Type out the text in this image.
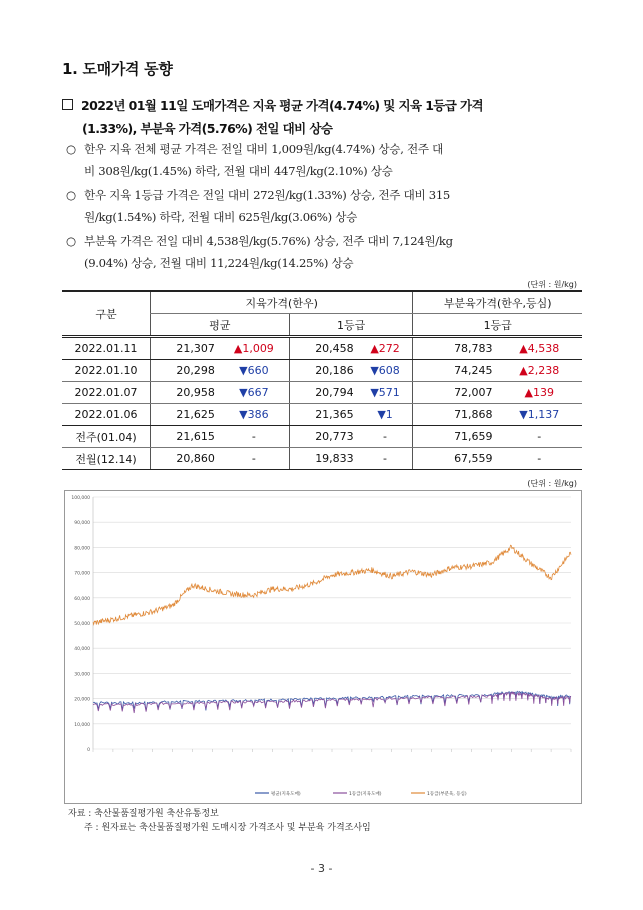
1. 도매가격 동향
2022년 01월 11일 도매가격은 지육 평균 가격(4.74%) 및 지육 1등급 가격
(1.33%), 부분육 가격(5.76%) 전일 대비 상승
○ 한우 지육 전체 평균 가격은 전일 대비 1,009원/kg(4.74%) 상승, 전주 대
비 308원/kg(1.45%) 하락, 전월 대비 447원/kg(2.10%) 상승
○ 한우 지육 1등급 가격은 전일 대비 272원/kg(1.33%) 상승, 전주 대비 315
원/kg(1.54%) 하락, 전월 대비 625원/kg(3.06%) 상승
○ 부분육 가격은 전일 대비 4,538원/kg(5.76%) 상승, 전주 대비 7,124원/kg
(9.04%) 상승, 전월 대비 11,224원/kg(14.25%) 상승
(단위 : 원/kg)
구분	지육가격(한우)				부분육가격(한우,등심)	
	평균		1등급		1등급	
2022.01.11	21,307	▲1,009	20,458	▲272	78,783	▲4,538
2022.01.10	20,298	▼660	20,186	▼608	74,245	▲2,238
2022.01.07	20,958	▼667	20,794	▼571	72,007	▲139
2022.01.06	21,625	▼386	21,365	▼1	71,868	▼1,137
전주(01.04)	21,615	-	20,773	-	71,659	-
전월(12.14)	20,860	-	19,833	-	67,559	-
(단위 : 원/kg)
0
10,000
20,000
30,000
40,000
50,000
60,000
70,000
80,000
90,000
100,000
평균(지육도매)	1등급(지육도매)	1등급(부분육, 등심)
자료 : 축산물품질평가원 축산유통정보
주 : 원자료는 축산물품질평가원 도매시장 가격조사 및 부분육 가격조사임
- 3 -
